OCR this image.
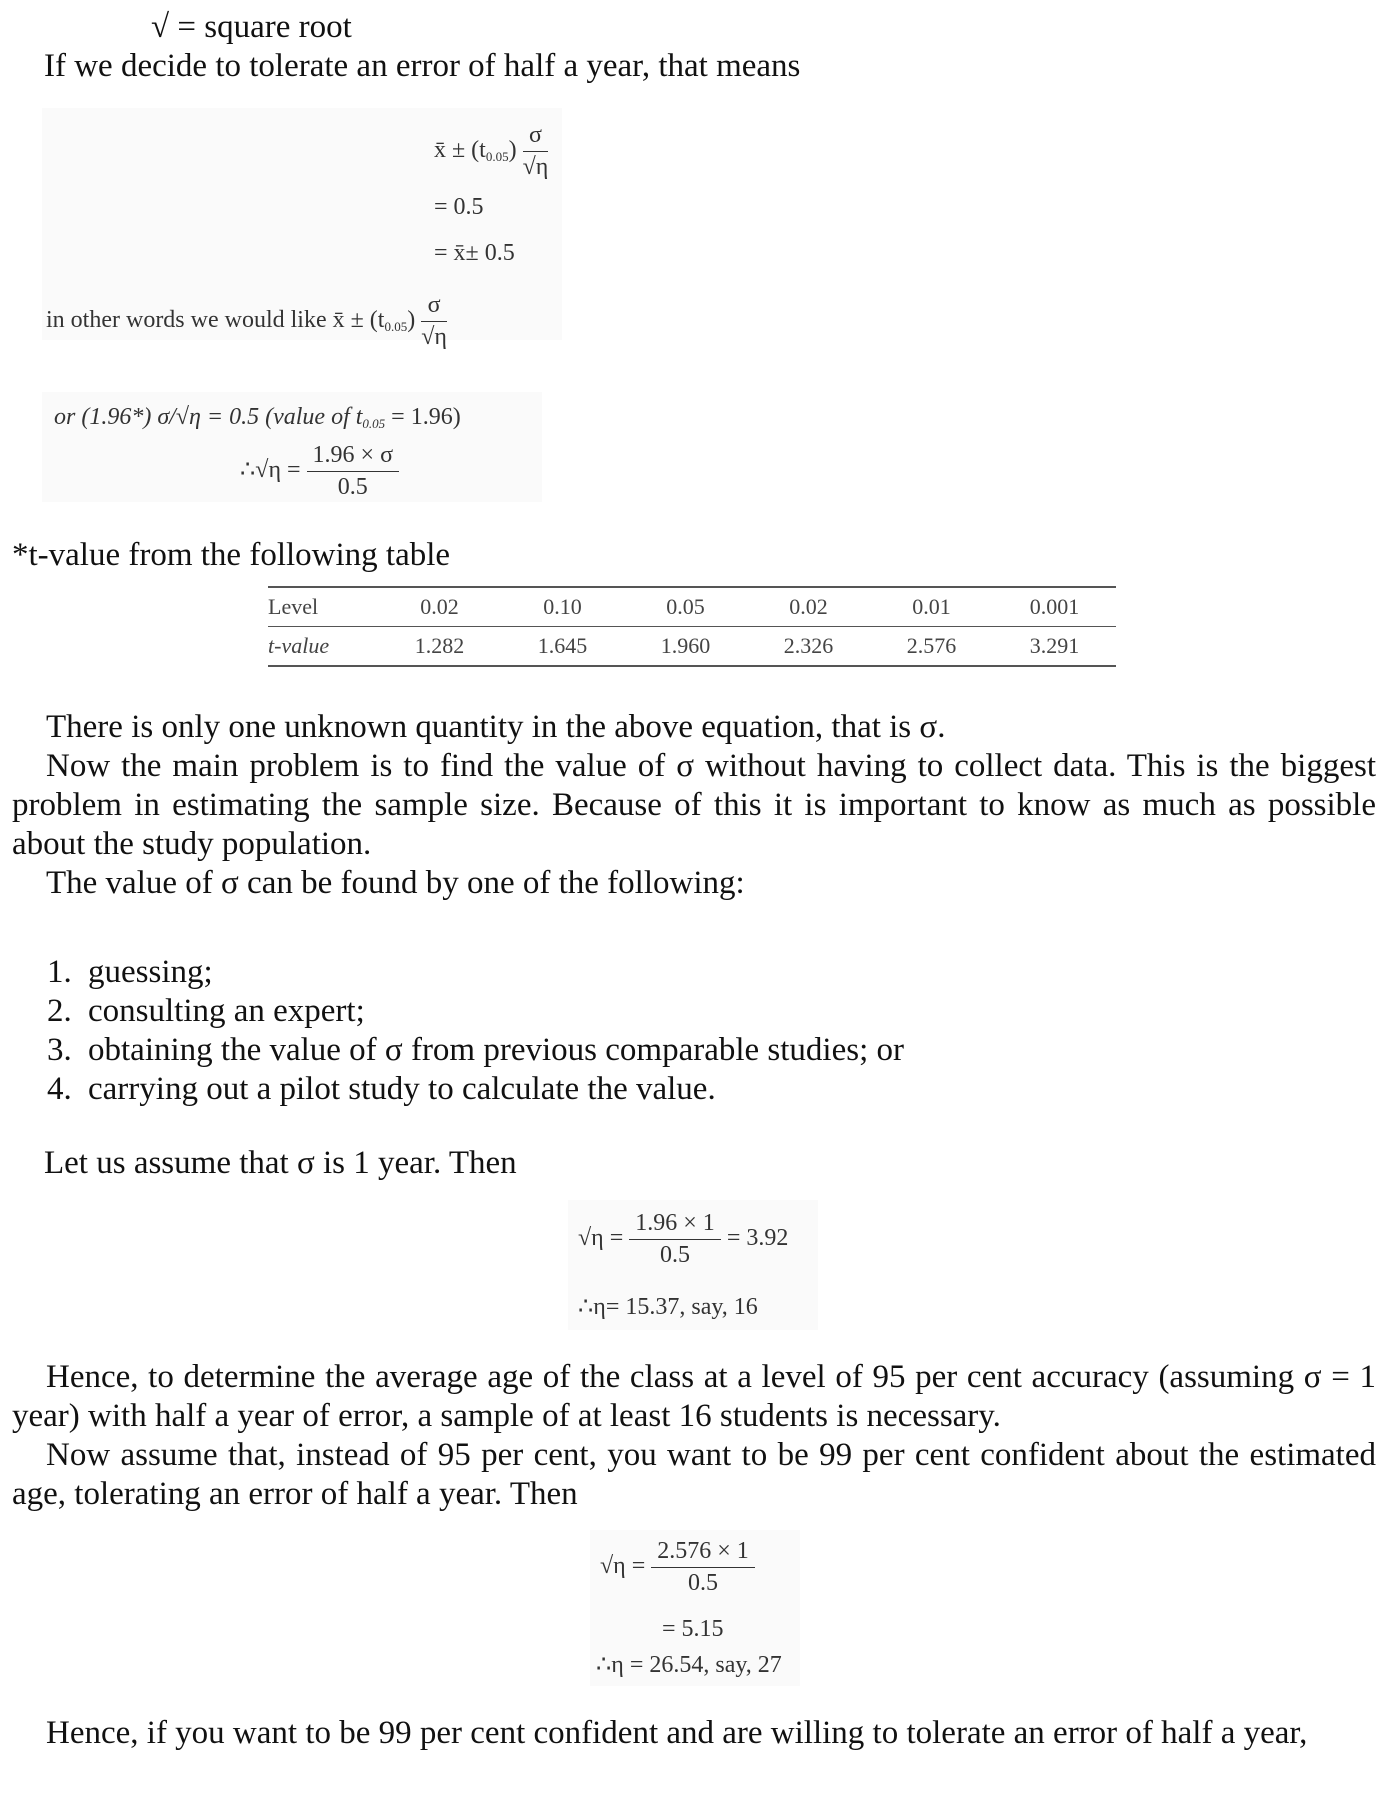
√ = square root
If we decide to tolerate an error of half a year, that means
x̄ ± $(t_{0.05}) \frac{\sigma}{√\eta}$
= 0.5
= x̄± 0.5
in other words we would like x̄ ± $(t_{0.05}) \frac{\sigma}{√\eta}$
or (1.96*) σ/√η = 0.5 (value of $t_{0.05} = 1.96$)
∴√η = $\frac{1.96 \times \sigma}{0.5}$
*t-value from the following table
Level	0.02	0.10	0.05	0.02	0.01	0.001
t-value	1.282	1.645	1.960	2.326	2.576	3.291
There is only one unknown quantity in the above equation, that is σ.
Now the main problem is to find the value of σ without having to collect data. This is the biggest problem in estimating the sample size. Because of this it is important to know as much as possible about the study population.
The value of σ can be found by one of the following:
1. guessing;
2. consulting an expert;
3. obtaining the value of σ from previous comparable studies; or
4. carrying out a pilot study to calculate the value.
Let us assume that σ is 1 year. Then
$√\eta = \frac{1.96 \times 1}{0.5} = 3.92$
∴η= 15.37, say, 16
Hence, to determine the average age of the class at a level of 95 per cent accuracy (assuming σ = 1 year) with half a year of error, a sample of at least 16 students is necessary.
Now assume that, instead of 95 per cent, you want to be 99 per cent confident about the estimated age, tolerating an error of half a year. Then
$√\eta = \frac{2.576 \times 1}{0.5}$
= 5.15
∴η = 26.54, say, 27
Hence, if you want to be 99 per cent confident and are willing to tolerate an error of half a year,
